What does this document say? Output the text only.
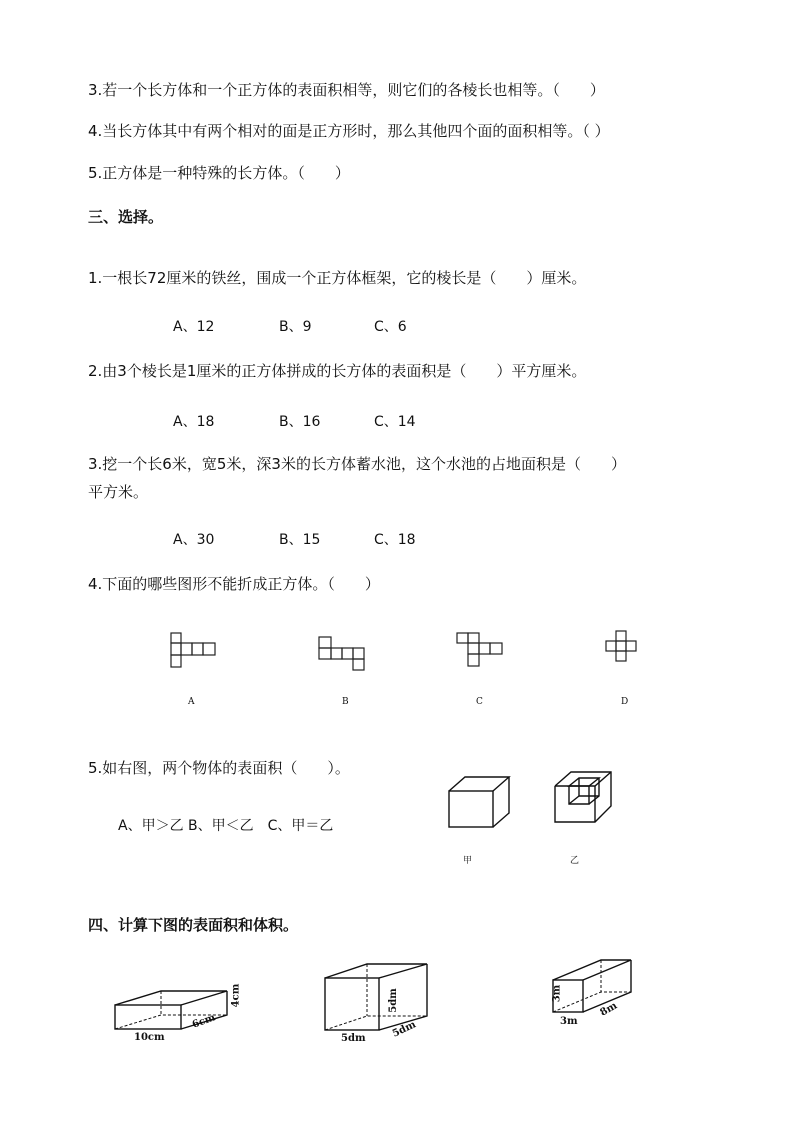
3.若一个长方体和一个正方体的表面积相等，则它们的各棱长也相等。（　　）
4.当长方体其中有两个相对的面是正方形时，那么其他四个面的面积相等。（ ）
5.正方体是一种特殊的长方体。（　　）
三、选择。
1.一根长72厘米的铁丝，围成一个正方体框架，它的棱长是（　　）厘米。
A、12	B、9	C、6
2.由3个棱长是1厘米的正方体拼成的长方体的表面积是（　　）平方厘米。
A、18	B、16	C、14
3.挖一个长6米，宽5米，深3米的长方体蓄水池，这个水池的占地面积是（　　）
平方米。
A、30	B、15	C、18
4.下面的哪些图形不能折成正方体。（　　）
A	B	C	D
5.如右图，两个物体的表面积（　　）。
A、甲＞乙 B、甲＜乙　C、甲＝乙
甲	乙
四、计算下图的表面积和体积。
10cm
6cm
4cm
5dm	5dm
5dm
3m
8m
3m
